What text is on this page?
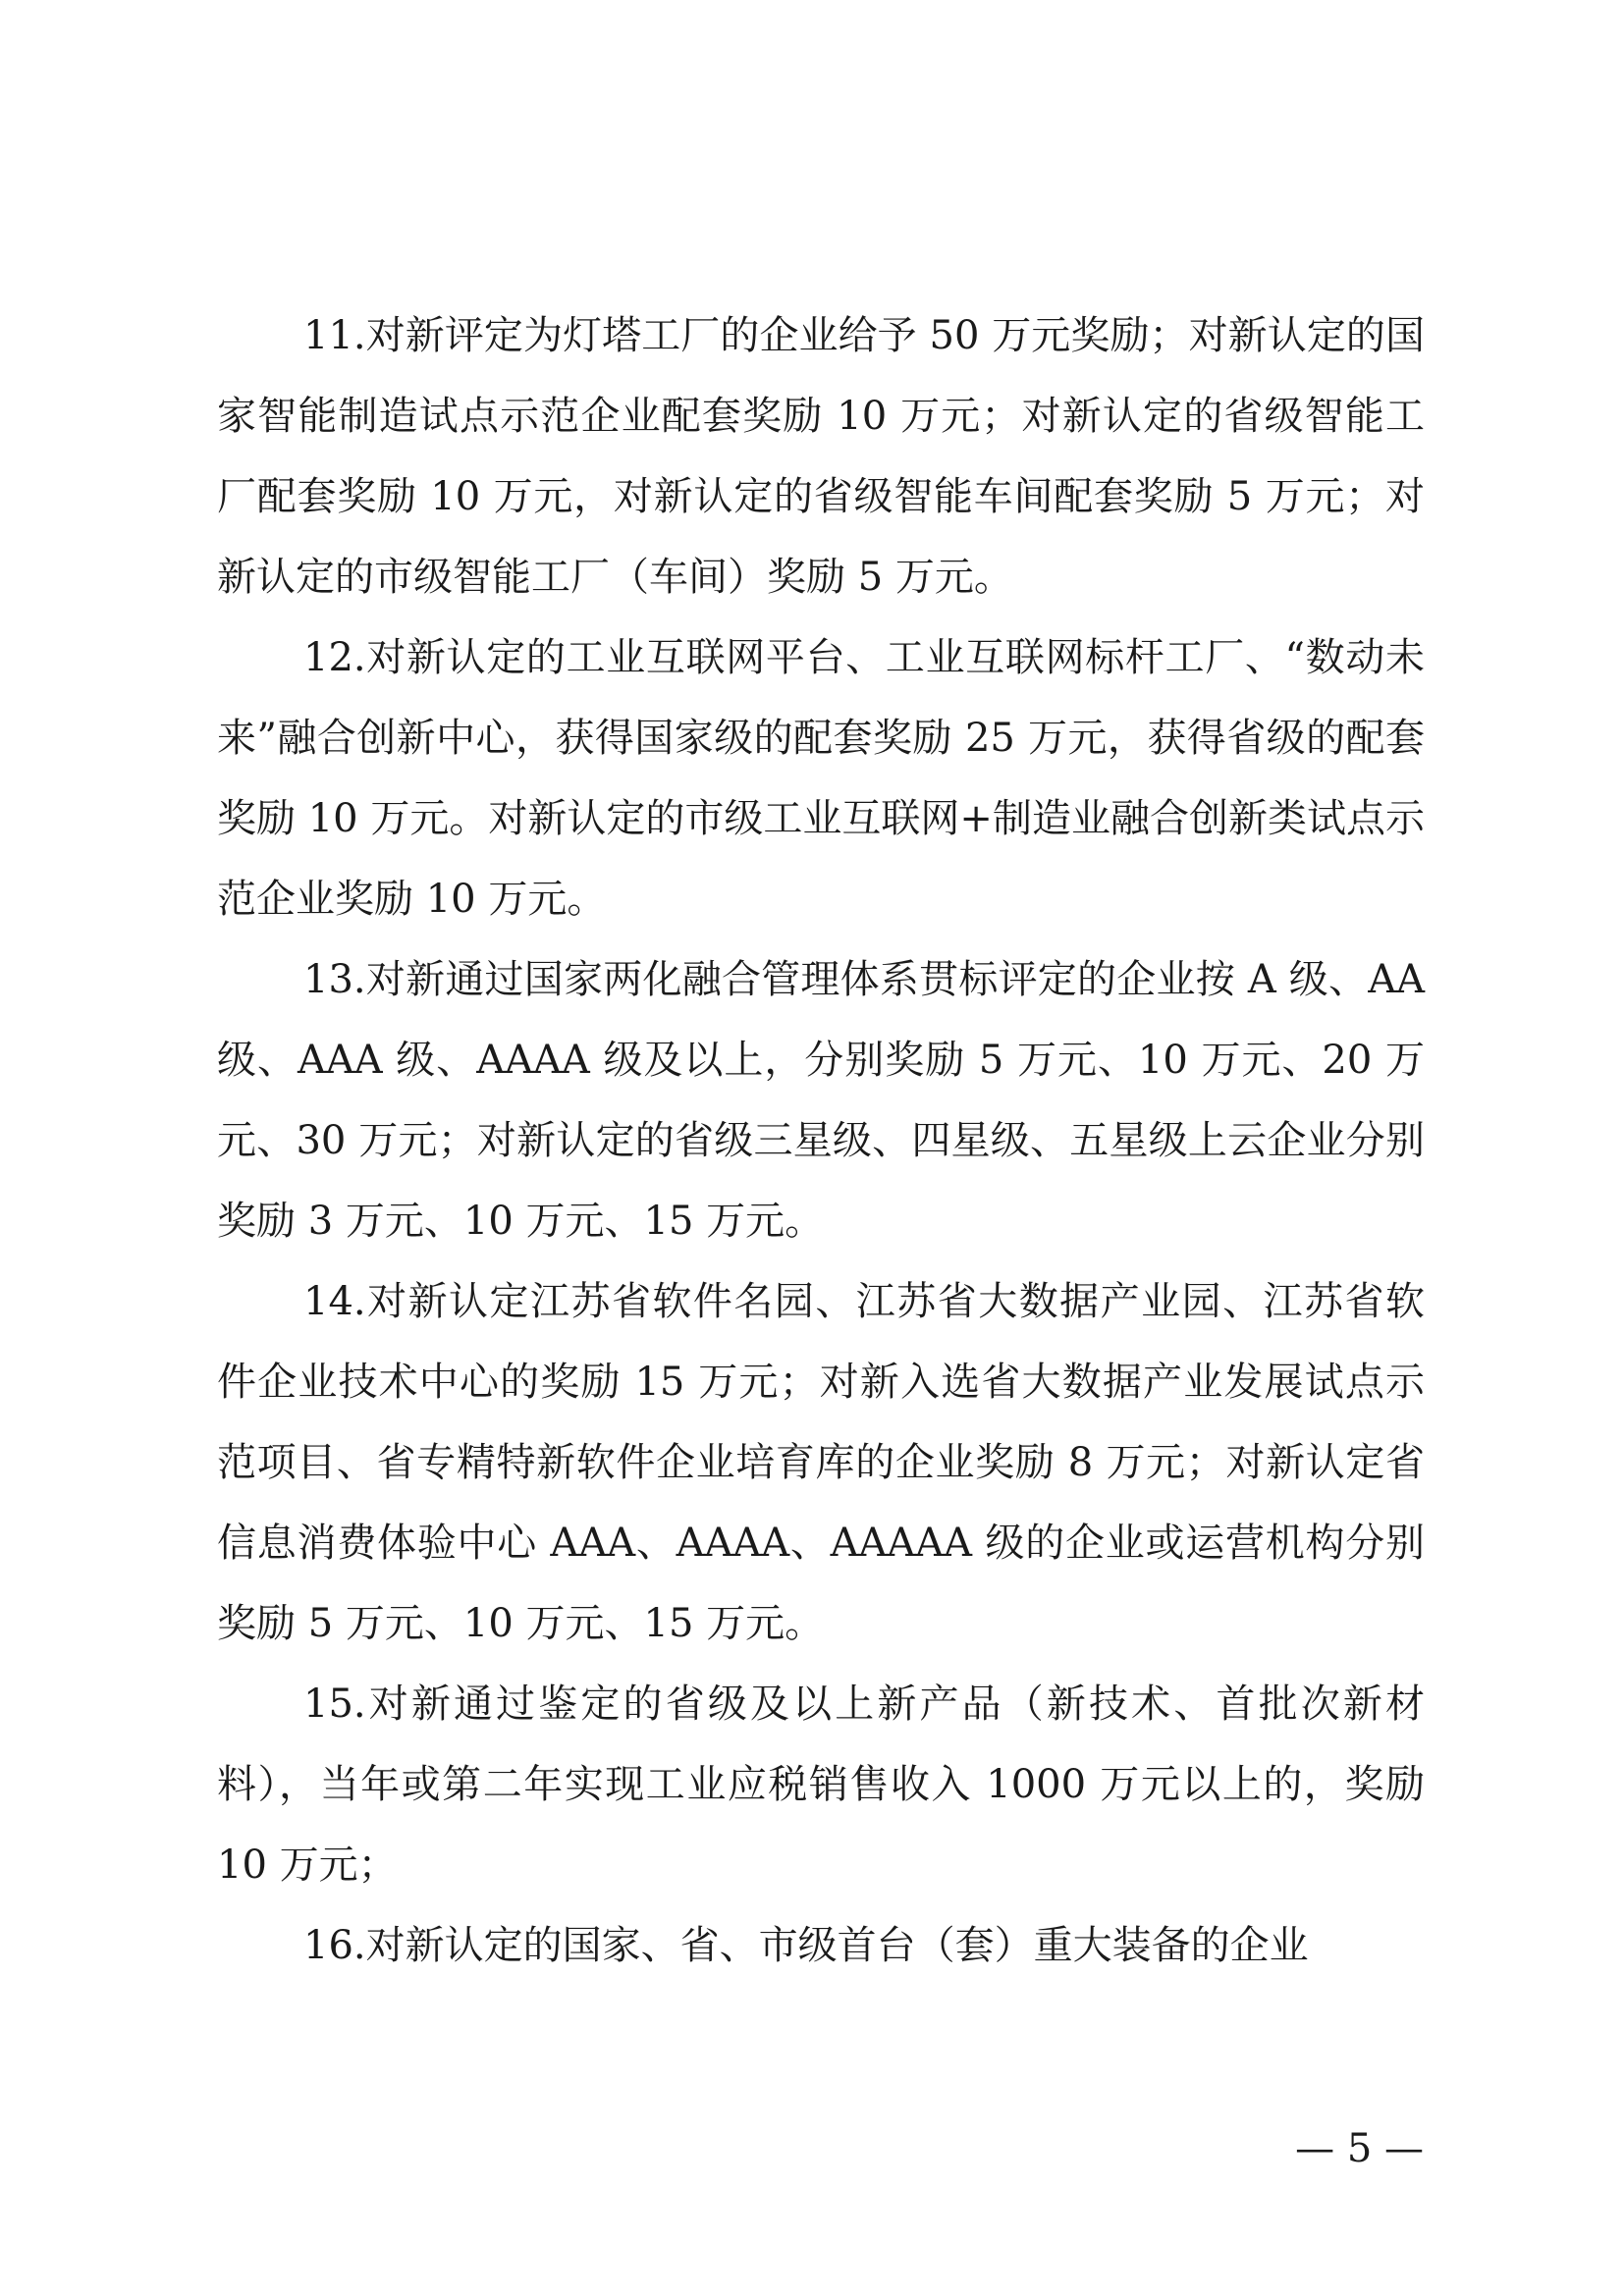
11.对新评定为灯塔工厂的企业给予 50 万元奖励；对新认定的国家智能制造试点示范企业配套奖励 10 万元；对新认定的省级智能工厂配套奖励 10 万元，对新认定的省级智能车间配套奖励 5 万元；对新认定的市级智能工厂（车间）奖励 5 万元。

12.对新认定的工业互联网平台、工业互联网标杆工厂、“数动未来”融合创新中心，获得国家级的配套奖励 25 万元，获得省级的配套奖励 10 万元。对新认定的市级工业互联网+制造业融合创新类试点示范企业奖励 10 万元。

13.对新通过国家两化融合管理体系贯标评定的企业按 A 级、AA 级、AAA 级、AAAA 级及以上，分别奖励 5 万元、10 万元、20 万元、30 万元；对新认定的省级三星级、四星级、五星级上云企业分别奖励 3 万元、10 万元、15 万元。

14.对新认定江苏省软件名园、江苏省大数据产业园、江苏省软件企业技术中心的奖励 15 万元；对新入选省大数据产业发展试点示范项目、省专精特新软件企业培育库的企业奖励 8 万元；对新认定省信息消费体验中心 AAA、AAAA、AAAAA 级的企业或运营机构分别奖励 5 万元、10 万元、15 万元。

15.对新通过鉴定的省级及以上新产品（新技术、首批次新材料），当年或第二年实现工业应税销售收入 1000 万元以上的，奖励 10 万元；

16.对新认定的国家、省、市级首台（套）重大装备的企业

— 5 —
